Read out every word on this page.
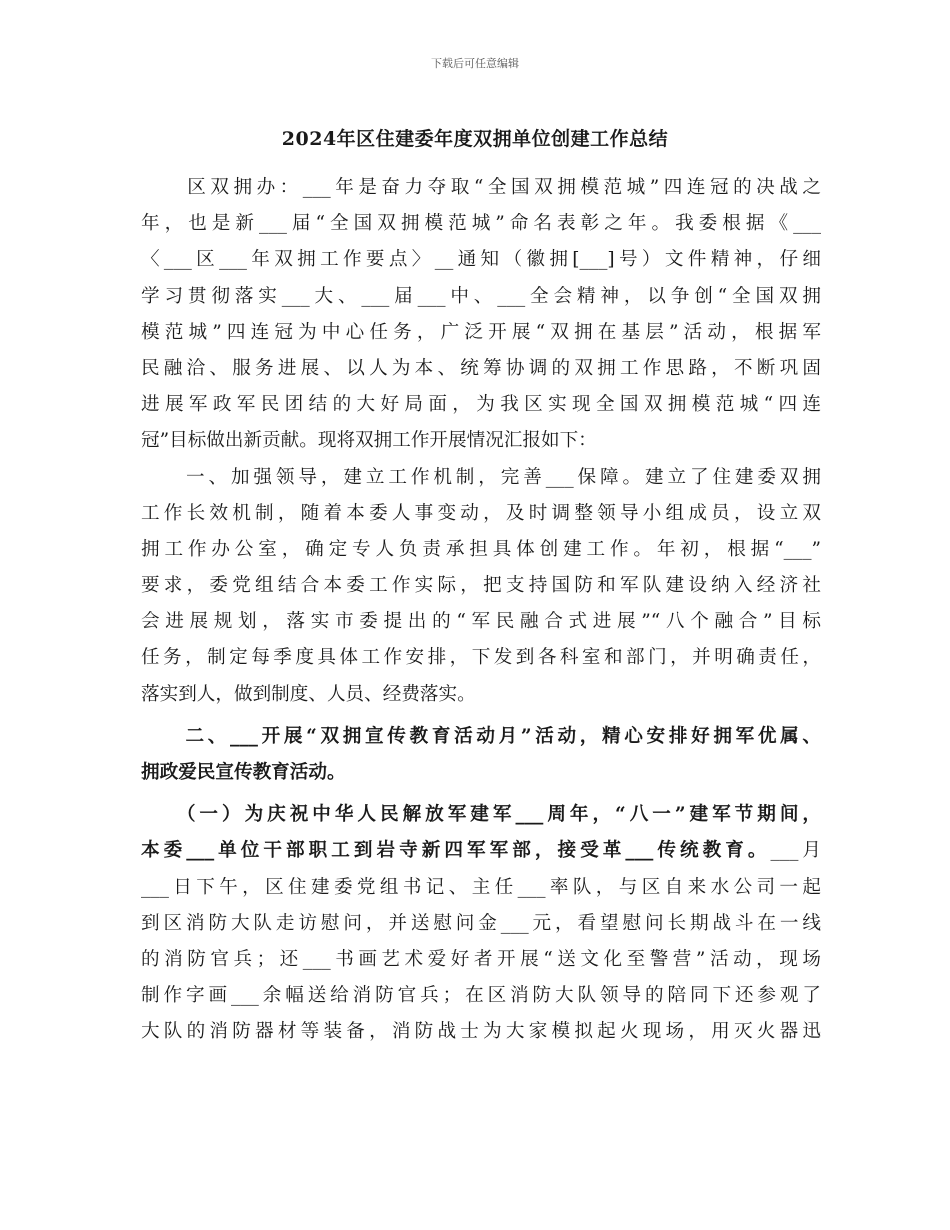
下载后可任意编辑
2024年区住建委年度双拥单位创建工作总结
　　区双拥办：___年是奋力夺取“全国双拥模范城”四连冠的决战之
年，也是新___届“全国双拥模范城”命名表彰之年。我委根据《___
〈___区___年双拥工作要点〉__通知（徽拥[___]号）文件精神，仔细
学习贯彻落实___大、___届___中、___全会精神，以争创“全国双拥
模范城”四连冠为中心任务，广泛开展“双拥在基层”活动，根据军
民融洽、服务进展、以人为本、统筹协调的双拥工作思路，不断巩固
进展军政军民团结的大好局面，为我区实现全国双拥模范城“四连
冠”目标做出新贡献。现将双拥工作开展情况汇报如下：
　　一、加强领导，建立工作机制，完善___保障。建立了住建委双拥
工作长效机制，随着本委人事变动，及时调整领导小组成员，设立双
拥工作办公室，确定专人负责承担具体创建工作。年初，根据“___”
要求，委党组结合本委工作实际，把支持国防和军队建设纳入经济社
会进展规划，落实市委提出的“军民融合式进展”“八个融合”目标
任务，制定每季度具体工作安排，下发到各科室和部门，并明确责任，
落实到人，做到制度、人员、经费落实。
　　二、___开展“双拥宣传教育活动月”活动，精心安排好拥军优属、
拥政爱民宣传教育活动。
　　（一）为庆祝中华人民解放军建军___周年，“八一”建军节期间，
本委___单位干部职工到岩寺新四军军部，接受革___传统教育。___月
___日下午，区住建委党组书记、主任___率队，与区自来水公司一起
到区消防大队走访慰问，并送慰问金___元，看望慰问长期战斗在一线
的消防官兵；还___书画艺术爱好者开展“送文化至警营”活动，现场
制作字画___余幅送给消防官兵；在区消防大队领导的陪同下还参观了
大队的消防器材等装备，消防战士为大家模拟起火现场，用灭火器迅
